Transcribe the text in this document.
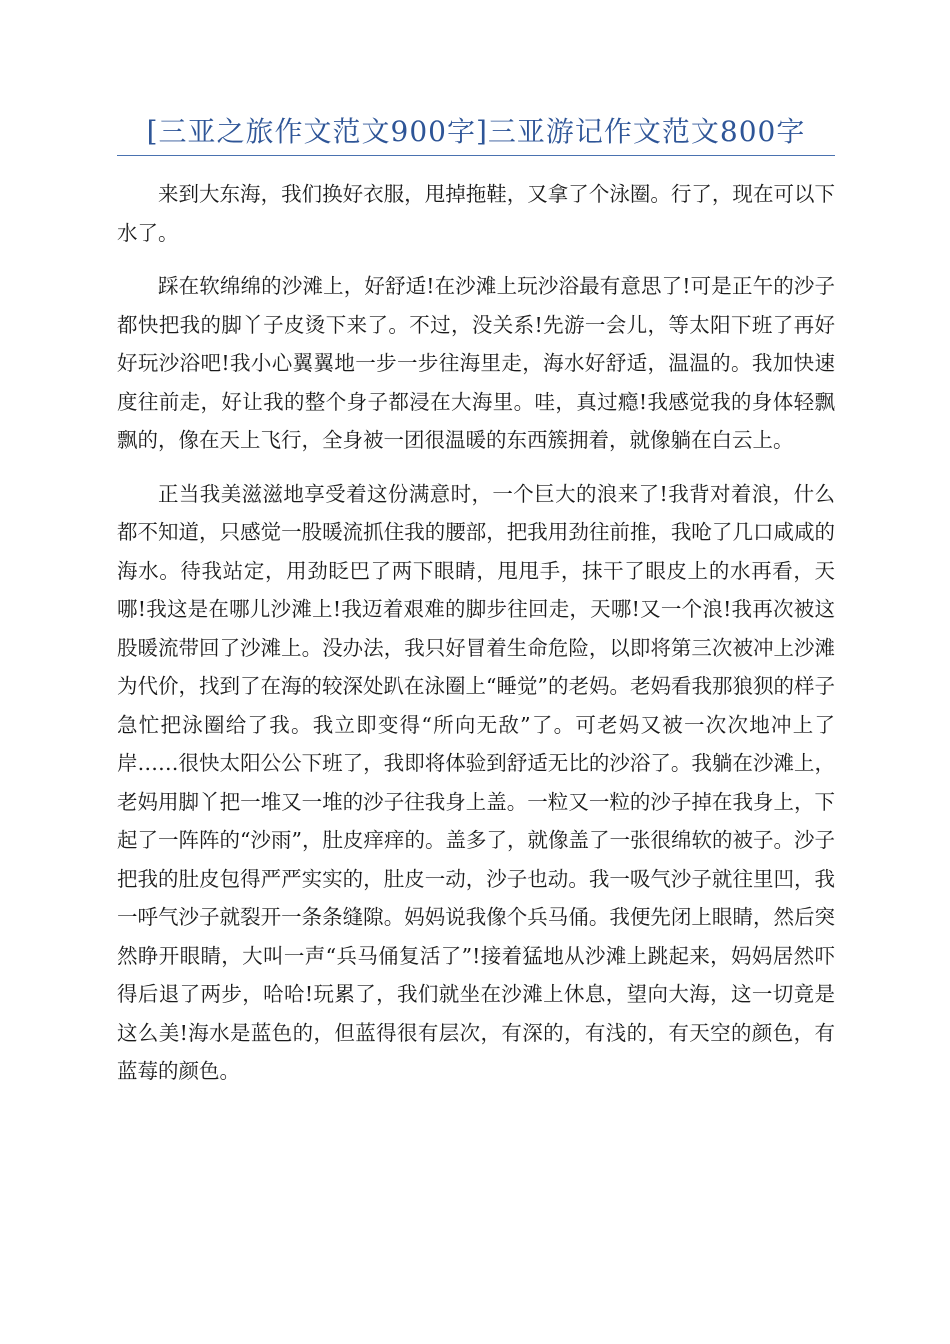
[三亚之旅作文范文900字]三亚游记作文范文800字

来到大东海，我们换好衣服，甩掉拖鞋，又拿了个泳圈。行了，现在可以下水了。

踩在软绵绵的沙滩上，好舒适!在沙滩上玩沙浴最有意思了!可是正午的沙子都快把我的脚丫子皮烫下来了。不过，没关系!先游一会儿，等太阳下班了再好好玩沙浴吧!我小心翼翼地一步一步往海里走，海水好舒适，温温的。我加快速度往前走，好让我的整个身子都浸在大海里。哇，真过瘾!我感觉我的身体轻飘飘的，像在天上飞行，全身被一团很温暖的东西簇拥着，就像躺在白云上。

正当我美滋滋地享受着这份满意时，一个巨大的浪来了!我背对着浪，什么都不知道，只感觉一股暖流抓住我的腰部，把我用劲往前推，我呛了几口咸咸的海水。待我站定，用劲眨巴了两下眼睛，甩甩手，抹干了眼皮上的水再看，天哪!我这是在哪儿沙滩上!我迈着艰难的脚步往回走，天哪!又一个浪!我再次被这股暖流带回了沙滩上。没办法，我只好冒着生命危险，以即将第三次被冲上沙滩为代价，找到了在海的较深处趴在泳圈上“睡觉”的老妈。老妈看我那狼狈的样子急忙把泳圈给了我。我立即变得“所向无敌”了。可老妈又被一次次地冲上了岸……很快太阳公公下班了，我即将体验到舒适无比的沙浴了。我躺在沙滩上，老妈用脚丫把一堆又一堆的沙子往我身上盖。一粒又一粒的沙子掉在我身上，下起了一阵阵的“沙雨”，肚皮痒痒的。盖多了，就像盖了一张很绵软的被子。沙子把我的肚皮包得严严实实的，肚皮一动，沙子也动。我一吸气沙子就往里凹，我一呼气沙子就裂开一条条缝隙。妈妈说我像个兵马俑。我便先闭上眼睛，然后突然睁开眼睛，大叫一声“兵马俑复活了”!接着猛地从沙滩上跳起来，妈妈居然吓得后退了两步，哈哈!玩累了，我们就坐在沙滩上休息，望向大海，这一切竟是这么美!海水是蓝色的，但蓝得很有层次，有深的，有浅的，有天空的颜色，有蓝莓的颜色。
